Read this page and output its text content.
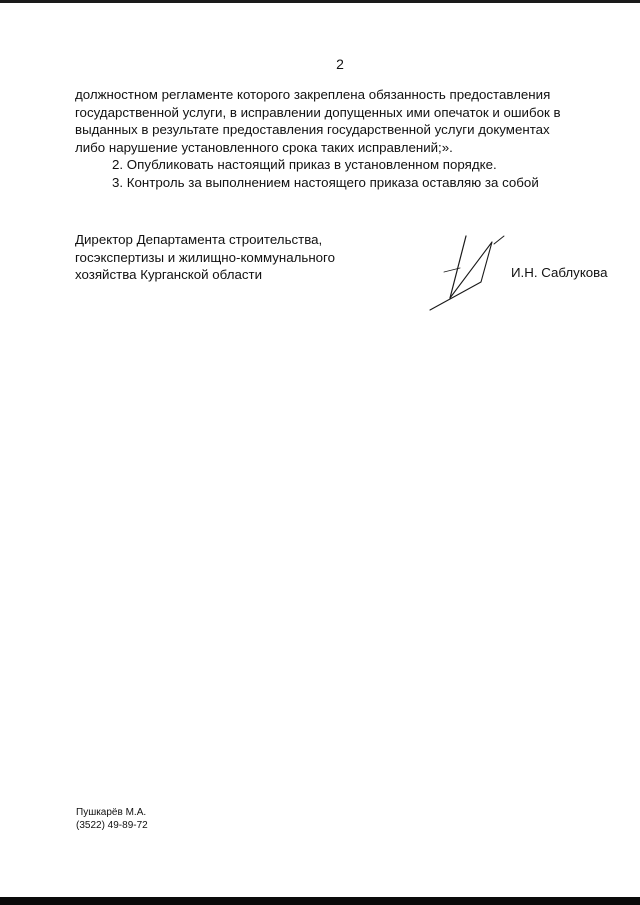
2

должностном регламенте которого закреплена обязанность предоставления

государственной услуги, в исправлении допущенных ими опечаток и ошибок в

выданных в результате предоставления государственной услуги документах

либо нарушение установленного срока таких исправлений;».

2. Опубликовать настоящий приказ в установленном порядке.

3. Контроль за выполнением настоящего приказа оставляю за собой

Директор Департамента строительства,
госэкспертизы и жилищно-коммунального
хозяйства Курганской области	И.Н. Саблукова
Пушкарёв М.А.
(3522) 49-89-72
